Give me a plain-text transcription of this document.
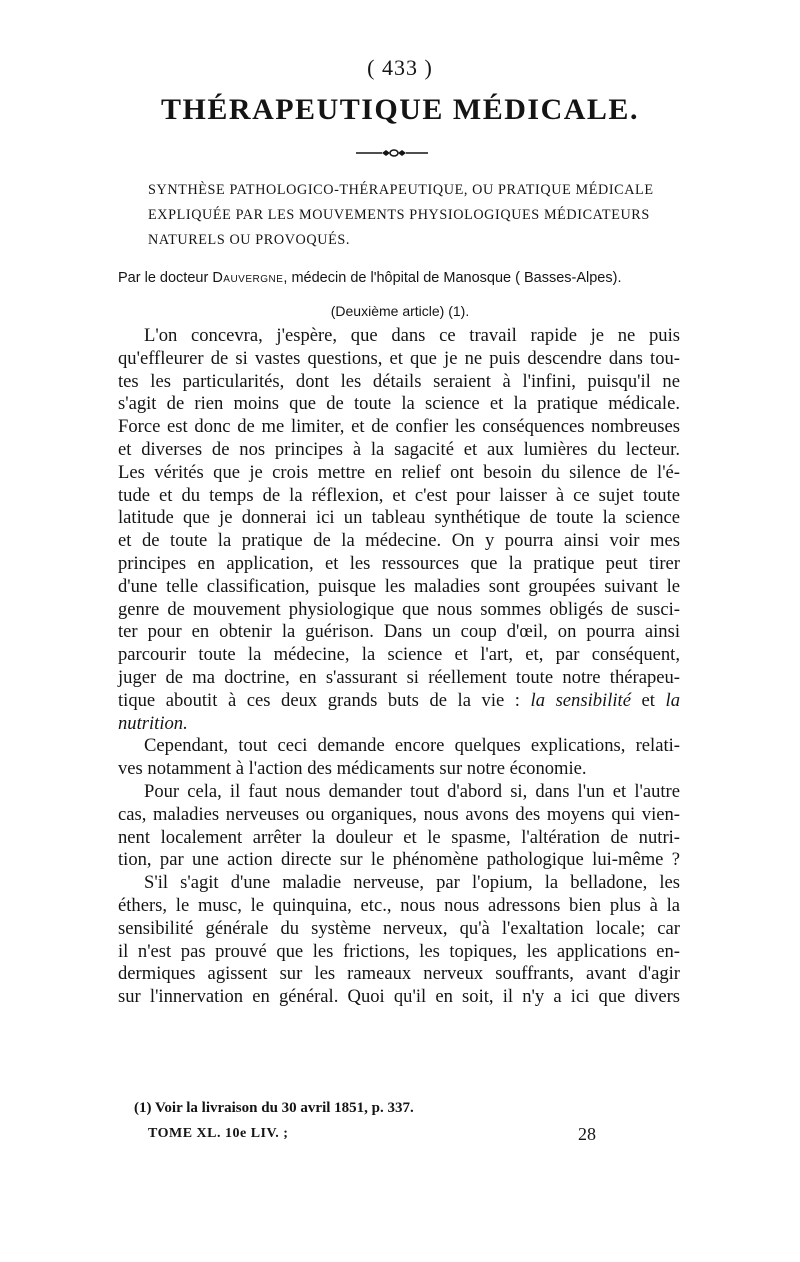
( 433 )
THÉRAPEUTIQUE MÉDICALE.
SYNTHÈSE PATHOLOGICO-THÉRAPEUTIQUE, OU PRATIQUE MÉDICALE
EXPLIQUÉE PAR LES MOUVEMENTS PHYSIOLOGIQUES MÉDICATEURS
NATURELS OU PROVOQUÉS.
Par le docteur Dauvergne, médecin de l'hôpital de Manosque ( Basses-Alpes).
(Deuxième article) (1).
L'on concevra, j'espère, que dans ce travail rapide je ne puis
qu'effleurer de si vastes questions, et que je ne puis descendre dans tou-
tes les particularités, dont les détails seraient à l'infini, puisqu'il ne
s'agit de rien moins que de toute la science et la pratique médicale.
Force est donc de me limiter, et de confier les conséquences nombreuses
et diverses de nos principes à la sagacité et aux lumières du lecteur.
Les vérités que je crois mettre en relief ont besoin du silence de l'é-
tude et du temps de la réflexion, et c'est pour laisser à ce sujet toute
latitude que je donnerai ici un tableau synthétique de toute la science
et de toute la pratique de la médecine. On y pourra ainsi voir mes
principes en application, et les ressources que la pratique peut tirer
d'une telle classification, puisque les maladies sont groupées suivant le
genre de mouvement physiologique que nous sommes obligés de susci-
ter pour en obtenir la guérison. Dans un coup d'œil, on pourra ainsi
parcourir toute la médecine, la science et l'art, et, par conséquent,
juger de ma doctrine, en s'assurant si réellement toute notre thérapeu-
tique aboutit à ces deux grands buts de la vie : la sensibilité et la
nutrition.
Cependant, tout ceci demande encore quelques explications, relati-
ves notamment à l'action des médicaments sur notre économie.
Pour cela, il faut nous demander tout d'abord si, dans l'un et l'autre
cas, maladies nerveuses ou organiques, nous avons des moyens qui vien-
nent localement arrêter la douleur et le spasme, l'altération de nutri-
tion, par une action directe sur le phénomène pathologique lui-même ?
S'il s'agit d'une maladie nerveuse, par l'opium, la belladone, les
éthers, le musc, le quinquina, etc., nous nous adressons bien plus à la
sensibilité générale du système nerveux, qu'à l'exaltation locale; car
il n'est pas prouvé que les frictions, les topiques, les applications en-
dermiques agissent sur les rameaux nerveux souffrants, avant d'agir
sur l'innervation en général. Quoi qu'il en soit, il n'y a ici que divers
(1) Voir la livraison du 30 avril 1851, p. 337.
TOME XL. 10e LIV. ;	28
